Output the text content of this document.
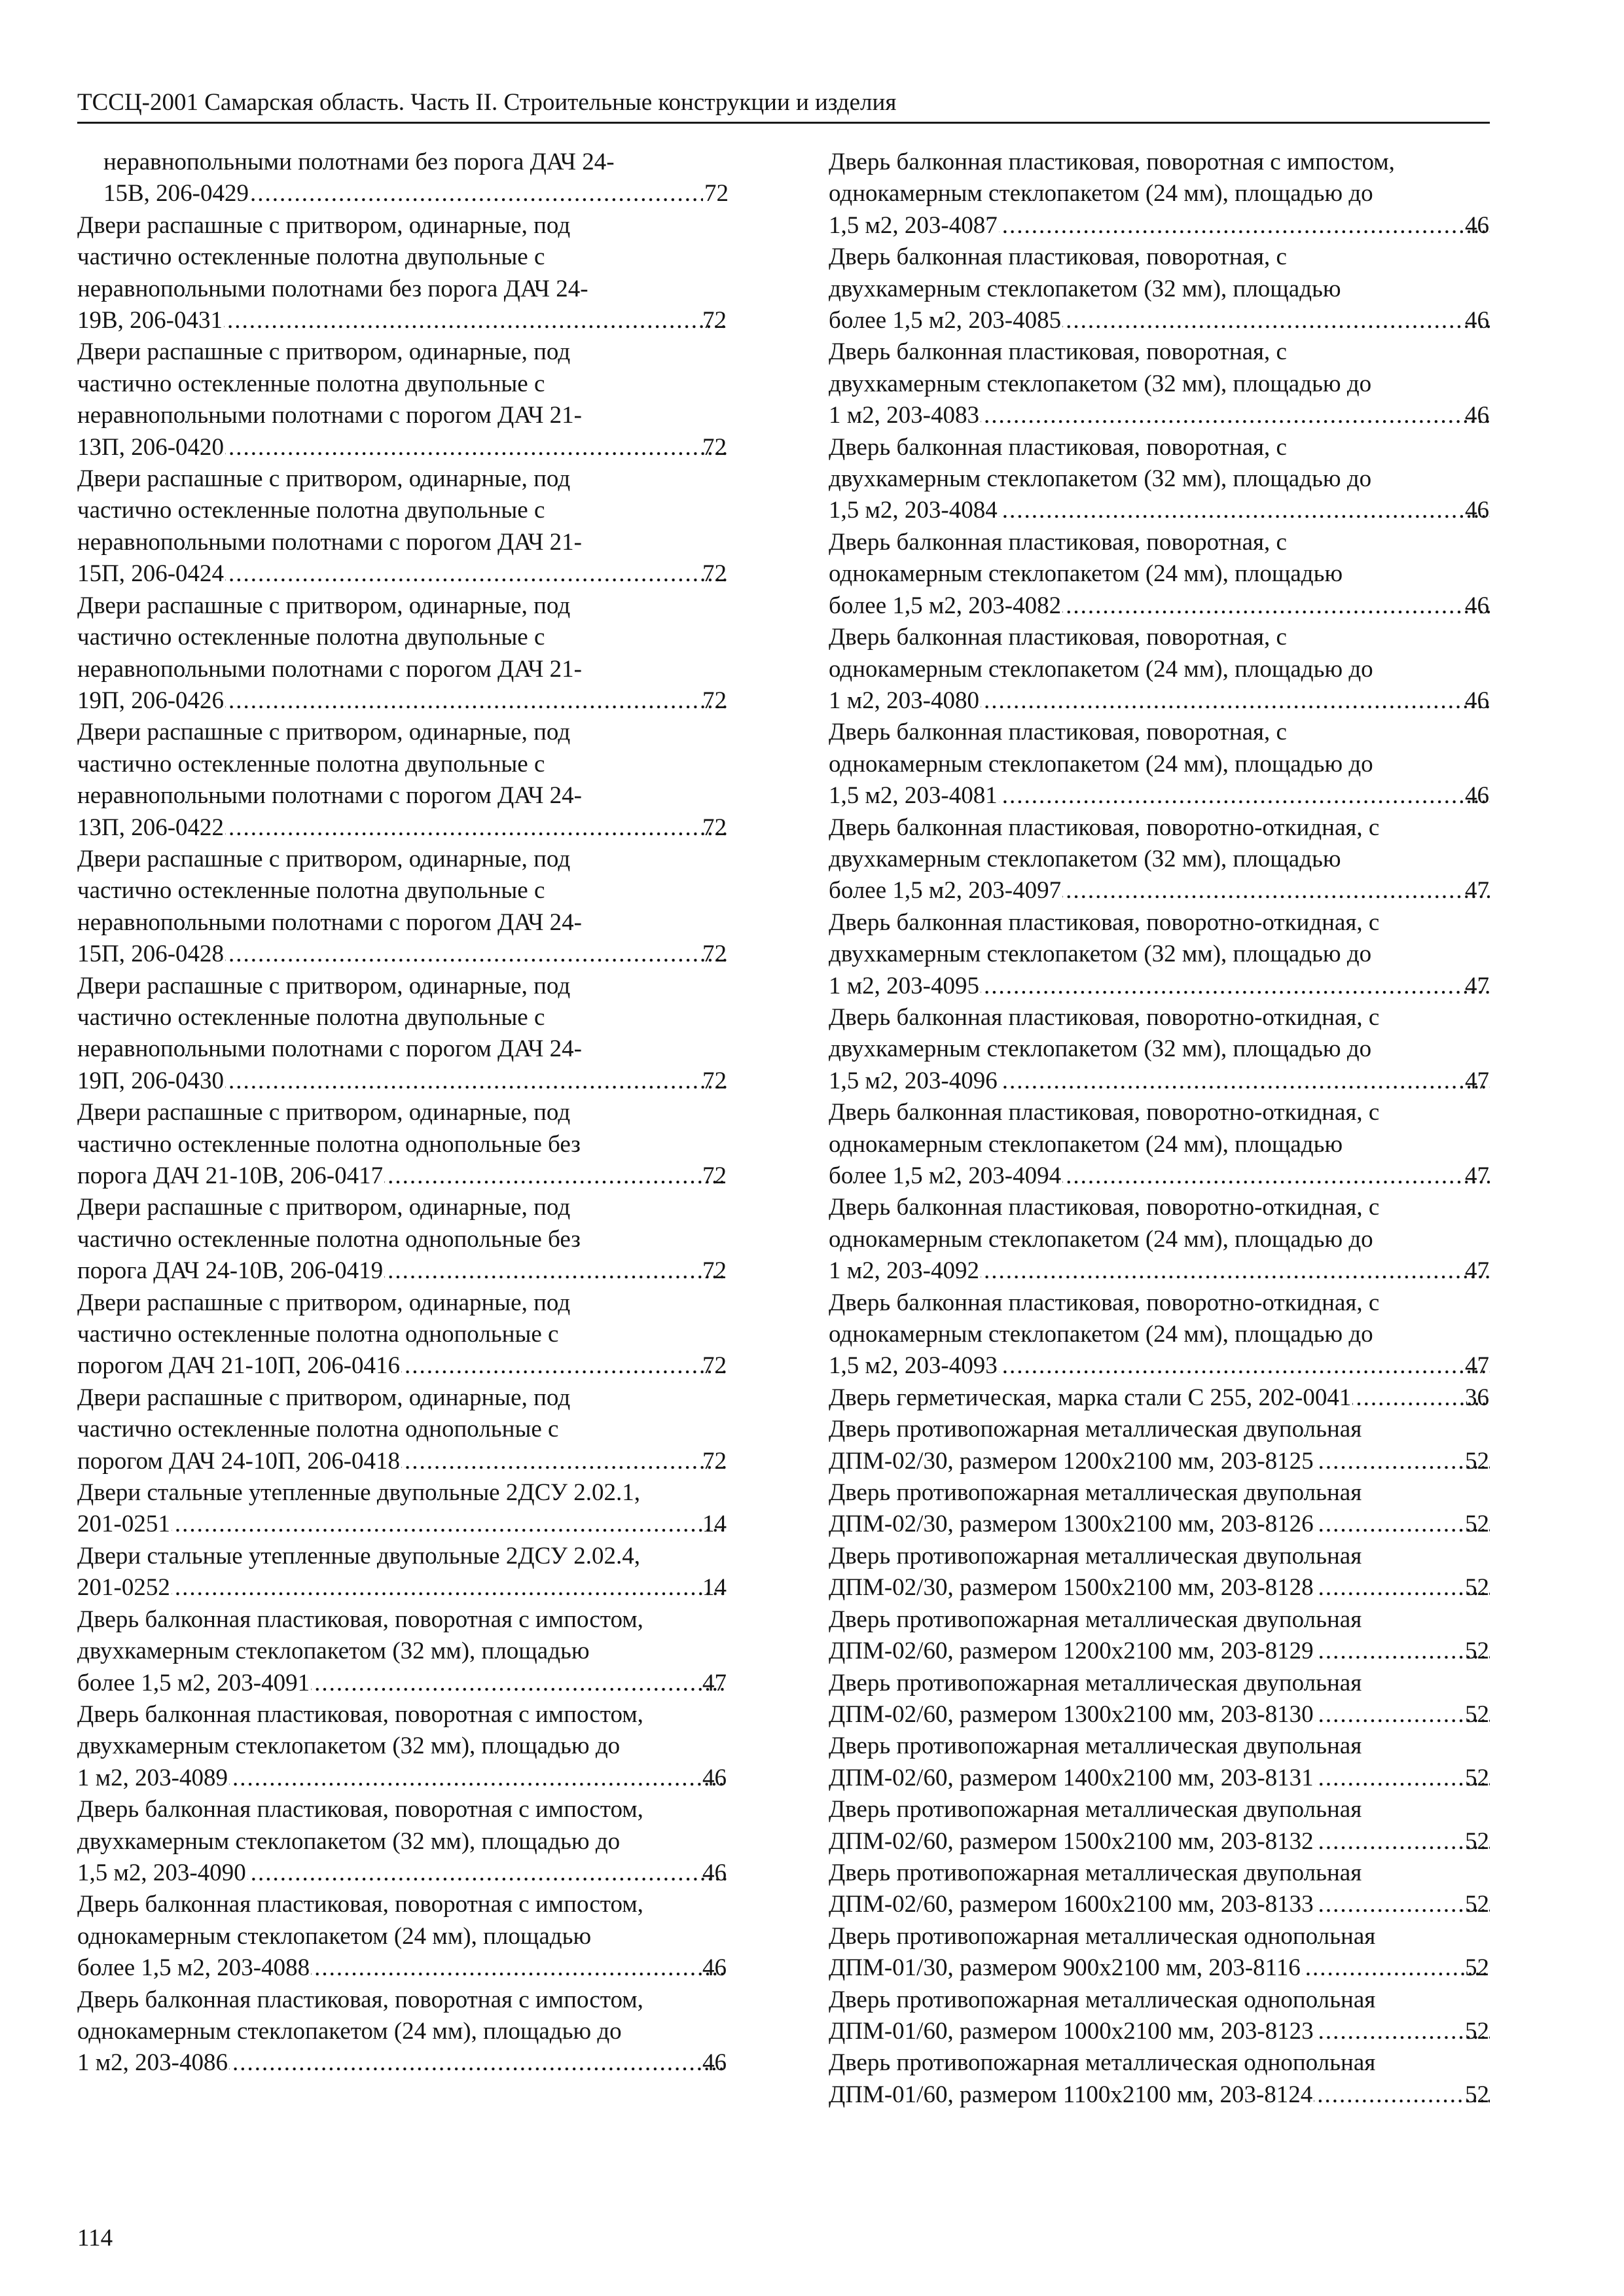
ТССЦ-2001 Самарская область. Часть II. Строительные конструкции и изделия
неравнопольными полотнами без порога ДАЧ 24-
15В, 206-0429 .....	72
Двери распашные с притвором, одинарные, под
частично остекленные полотна двупольные с
неравнопольными полотнами без порога ДАЧ 24-
19В, 206-0431 .....	72
Двери распашные с притвором, одинарные, под
частично остекленные полотна двупольные с
неравнопольными полотнами с порогом ДАЧ 21-
13П, 206-0420 .....	72
Двери распашные с притвором, одинарные, под
частично остекленные полотна двупольные с
неравнопольными полотнами с порогом ДАЧ 21-
15П, 206-0424 .....	72
Двери распашные с притвором, одинарные, под
частично остекленные полотна двупольные с
неравнопольными полотнами с порогом ДАЧ 21-
19П, 206-0426 .....	72
Двери распашные с притвором, одинарные, под
частично остекленные полотна двупольные с
неравнопольными полотнами с порогом ДАЧ 24-
13П, 206-0422 .....	72
Двери распашные с притвором, одинарные, под
частично остекленные полотна двупольные с
неравнопольными полотнами с порогом ДАЧ 24-
15П, 206-0428 .....	72
Двери распашные с притвором, одинарные, под
частично остекленные полотна двупольные с
неравнопольными полотнами с порогом ДАЧ 24-
19П, 206-0430 .....	72
Двери распашные с притвором, одинарные, под
частично остекленные полотна однопольные без
порога ДАЧ 21-10В, 206-0417 .....	72
Двери распашные с притвором, одинарные, под
частично остекленные полотна однопольные без
порога ДАЧ 24-10В, 206-0419 .....	72
Двери распашные с притвором, одинарные, под
частично остекленные полотна однопольные с
порогом ДАЧ 21-10П, 206-0416 .....	72
Двери распашные с притвором, одинарные, под
частично остекленные полотна однопольные с
порогом ДАЧ 24-10П, 206-0418 .....	72
Двери стальные утепленные двупольные 2ДСУ 2.02.1,
201-0251 .....	14
Двери стальные утепленные двупольные 2ДСУ 2.02.4,
201-0252 .....	14
Дверь балконная пластиковая, поворотная с импостом,
двухкамерным стеклопакетом (32 мм), площадью
более 1,5 м2, 203-4091 .....	47
Дверь балконная пластиковая, поворотная с импостом,
двухкамерным стеклопакетом (32 мм), площадью до
1 м2, 203-4089 .....	46
Дверь балконная пластиковая, поворотная с импостом,
двухкамерным стеклопакетом (32 мм), площадью до
1,5 м2, 203-4090 .....	46
Дверь балконная пластиковая, поворотная с импостом,
однокамерным стеклопакетом (24 мм), площадью
более 1,5 м2, 203-4088 .....	46
Дверь балконная пластиковая, поворотная с импостом,
однокамерным стеклопакетом (24 мм), площадью до
1 м2, 203-4086 .....	46
Дверь балконная пластиковая, поворотная с импостом,
однокамерным стеклопакетом (24 мм), площадью до
1,5 м2, 203-4087 .....	46
Дверь балконная пластиковая, поворотная, с
двухкамерным стеклопакетом (32 мм), площадью
более 1,5 м2, 203-4085 .....	46
Дверь балконная пластиковая, поворотная, с
двухкамерным стеклопакетом (32 мм), площадью до
1 м2, 203-4083 .....	46
Дверь балконная пластиковая, поворотная, с
двухкамерным стеклопакетом (32 мм), площадью до
1,5 м2, 203-4084 .....	46
Дверь балконная пластиковая, поворотная, с
однокамерным стеклопакетом (24 мм), площадью
более 1,5 м2, 203-4082 .....	46
Дверь балконная пластиковая, поворотная, с
однокамерным стеклопакетом (24 мм), площадью до
1 м2, 203-4080 .....	46
Дверь балконная пластиковая, поворотная, с
однокамерным стеклопакетом (24 мм), площадью до
1,5 м2, 203-4081 .....	46
Дверь балконная пластиковая, поворотно-откидная, с
двухкамерным стеклопакетом (32 мм), площадью
более 1,5 м2, 203-4097 .....	47
Дверь балконная пластиковая, поворотно-откидная, с
двухкамерным стеклопакетом (32 мм), площадью до
1 м2, 203-4095 .....	47
Дверь балконная пластиковая, поворотно-откидная, с
двухкамерным стеклопакетом (32 мм), площадью до
1,5 м2, 203-4096 .....	47
Дверь балконная пластиковая, поворотно-откидная, с
однокамерным стеклопакетом (24 мм), площадью
более 1,5 м2, 203-4094 .....	47
Дверь балконная пластиковая, поворотно-откидная, с
однокамерным стеклопакетом (24 мм), площадью до
1 м2, 203-4092 .....	47
Дверь балконная пластиковая, поворотно-откидная, с
однокамерным стеклопакетом (24 мм), площадью до
1,5 м2, 203-4093 .....	47
Дверь герметическая, марка стали С 255, 202-0041 .....	36
Дверь противопожарная металлическая двупольная
ДПМ-02/30, размером 1200х2100 мм, 203-8125 .....	52
Дверь противопожарная металлическая двупольная
ДПМ-02/30, размером 1300х2100 мм, 203-8126 .....	52
Дверь противопожарная металлическая двупольная
ДПМ-02/30, размером 1500х2100 мм, 203-8128 .....	52
Дверь противопожарная металлическая двупольная
ДПМ-02/60, размером 1200х2100 мм, 203-8129 .....	52
Дверь противопожарная металлическая двупольная
ДПМ-02/60, размером 1300х2100 мм, 203-8130 .....	52
Дверь противопожарная металлическая двупольная
ДПМ-02/60, размером 1400х2100 мм, 203-8131 .....	52
Дверь противопожарная металлическая двупольная
ДПМ-02/60, размером 1500х2100 мм, 203-8132 .....	52
Дверь противопожарная металлическая двупольная
ДПМ-02/60, размером 1600х2100 мм, 203-8133 .....	52
Дверь противопожарная металлическая однопольная
ДПМ-01/30, размером 900х2100 мм, 203-8116 .....	52
Дверь противопожарная металлическая однопольная
ДПМ-01/60, размером 1000х2100 мм, 203-8123 .....	52
Дверь противопожарная металлическая однопольная
ДПМ-01/60, размером 1100х2100 мм, 203-8124 .....	52
114
